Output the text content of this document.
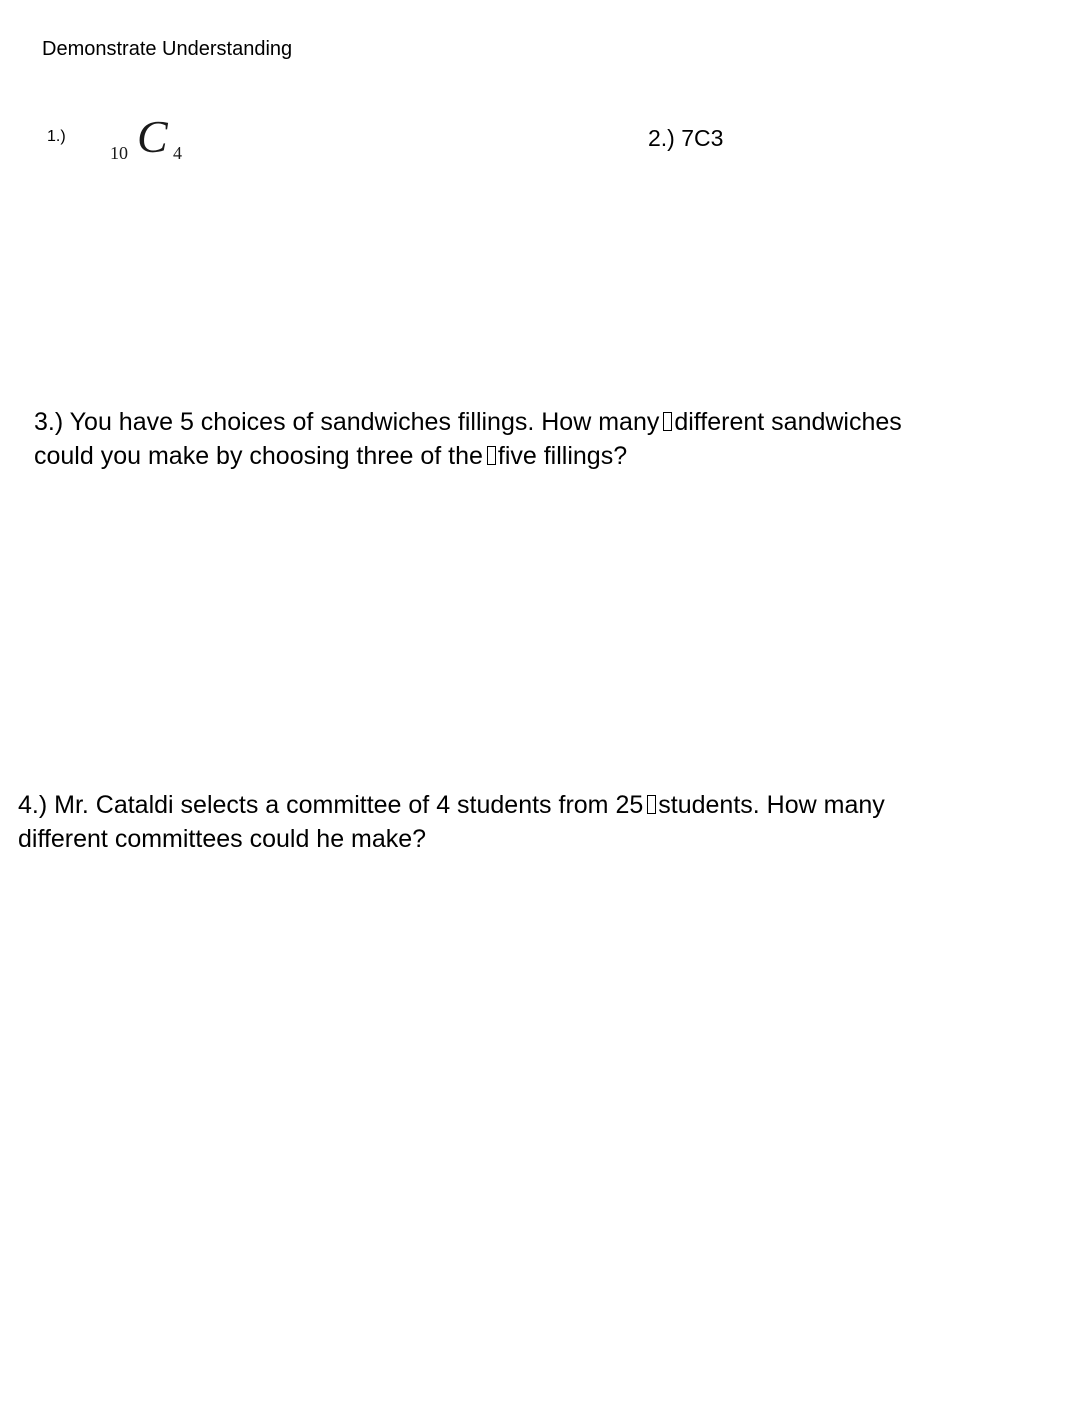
Demonstrate Understanding
1.)
10 C 4
2.) 7C3
3.) You have 5 choices of sandwiches fillings. How many different sandwiches
could you make by choosing three of the five fillings?
4.) Mr. Cataldi selects a committee of 4 students from 25 students. How many
different committees could he make?
